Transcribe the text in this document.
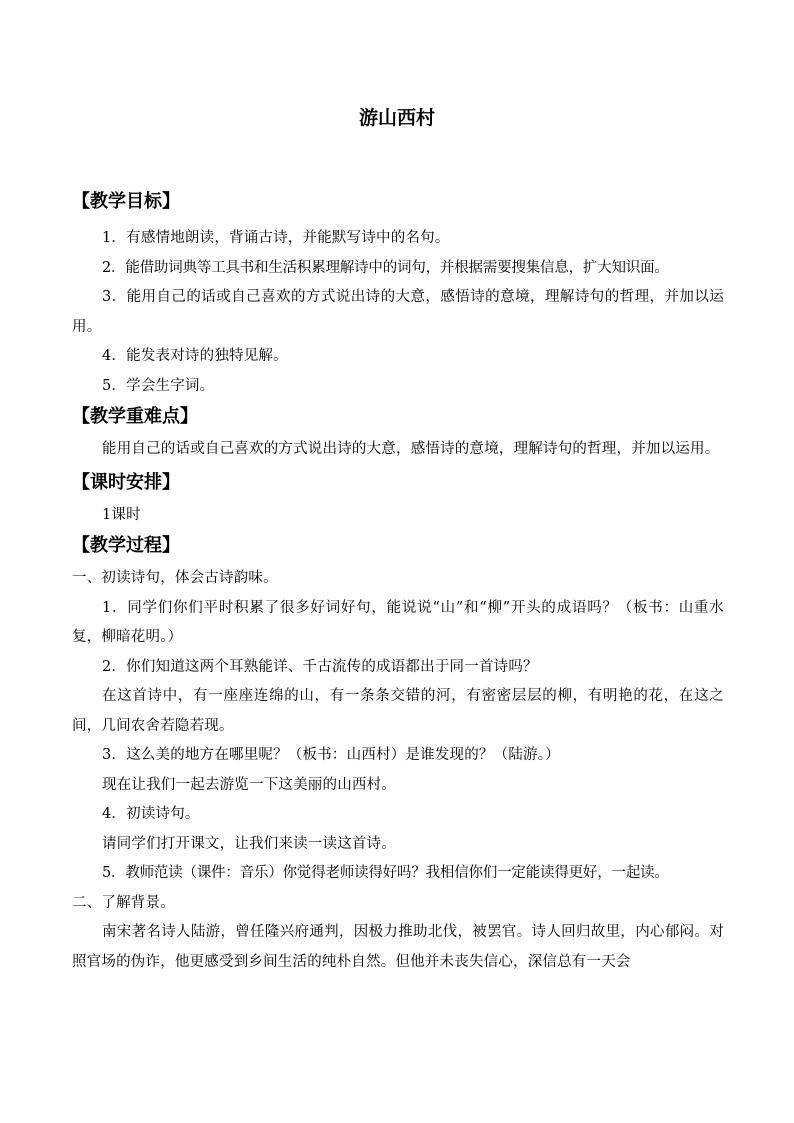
游山西村
【教学目标】

1．有感情地朗读，背诵古诗，并能默写诗中的名句。

2．能借助词典等工具书和生活积累理解诗中的词句，并根据需要搜集信息，扩大知识面。

3．能用自己的话或自己喜欢的方式说出诗的大意，感悟诗的意境，理解诗句的哲理，并加以运用。

4．能发表对诗的独特见解。

5．学会生字词。

【教学重难点】

能用自己的话或自己喜欢的方式说出诗的大意，感悟诗的意境，理解诗句的哲理，并加以运用。

【课时安排】

1课时

【教学过程】

一、初读诗句，体会古诗韵味。

1．同学们你们平时积累了很多好词好句，能说说“山”和“柳”开头的成语吗？（板书：山重水复，柳暗花明。）

2．你们知道这两个耳熟能详、千古流传的成语都出于同一首诗吗？

在这首诗中，有一座座连绵的山，有一条条交错的河，有密密层层的柳，有明艳的花，在这之间，几间农舍若隐若现。

3．这么美的地方在哪里呢？（板书：山西村）是谁发现的？（陆游。）

现在让我们一起去游览一下这美丽的山西村。

4．初读诗句。

请同学们打开课文，让我们来读一读这首诗。

5．教师范读（课件：音乐）你觉得老师读得好吗？我相信你们一定能读得更好，一起读。

二、了解背景。

南宋著名诗人陆游，曾任隆兴府通判，因极力推助北伐，被罢官。诗人回归故里，内心郁闷。对照官场的伪诈，他更感受到乡间生活的纯朴自然。但他并未丧失信心，深信总有一天会
